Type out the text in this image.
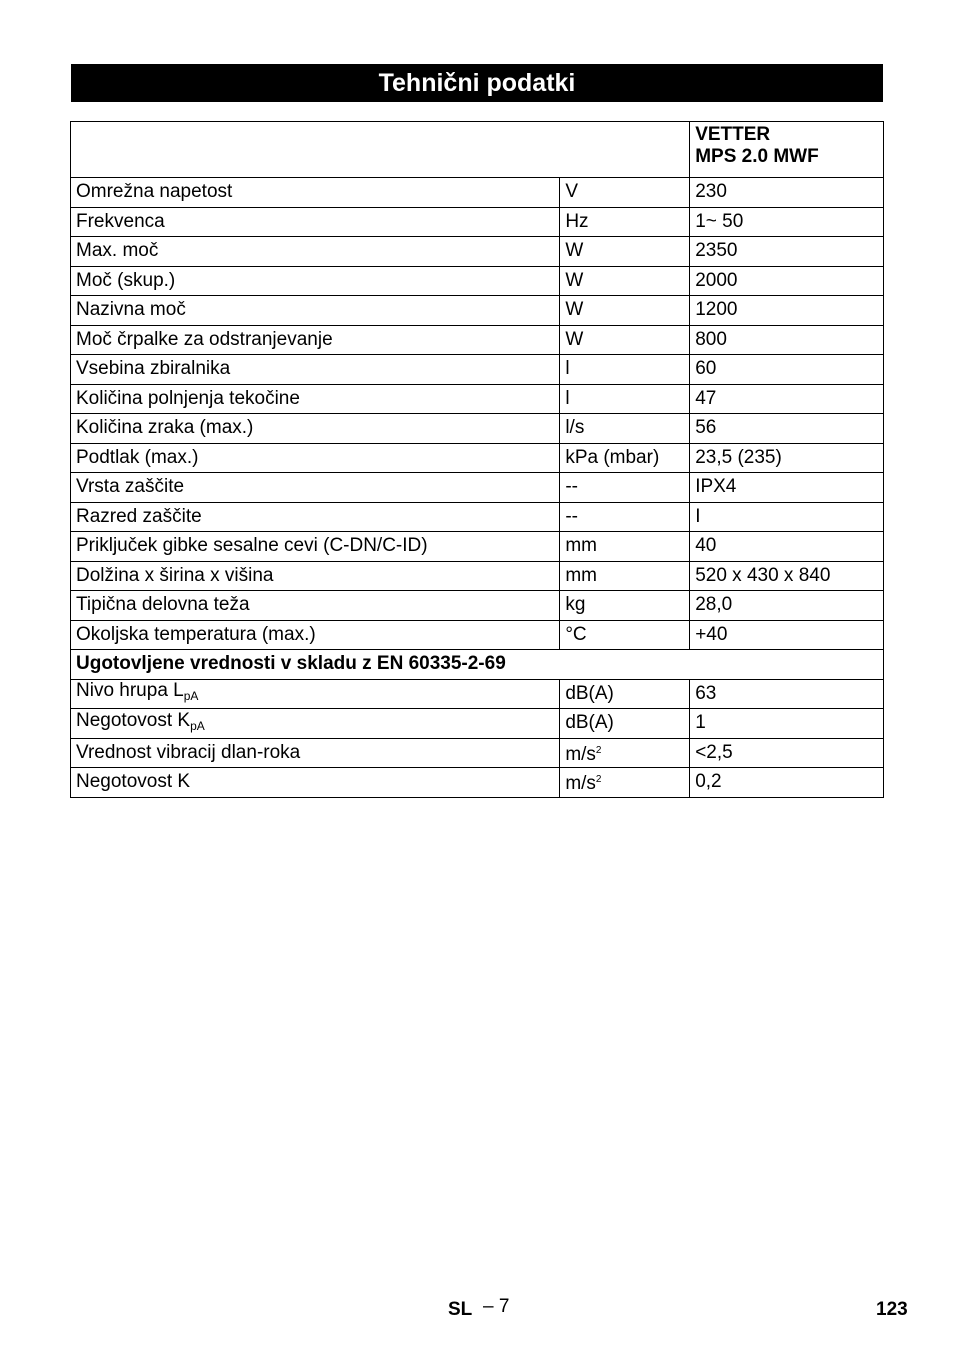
Tehnični podatki
		VETTER
MPS 2.0 MWF
Omrežna napetost	V	230
Frekvenca	Hz	1~ 50
Max. moč	W	2350
Moč (skup.)	W	2000
Nazivna moč	W	1200
Moč črpalke za odstranjevanje	W	800
Vsebina zbiralnika	l	60
Količina polnjenja tekočine	l	47
Količina zraka (max.)	l/s	56
Podtlak (max.)	kPa (mbar)	23,5 (235)
Vrsta zaščite	--	IPX4
Razred zaščite	--	I
Priključek gibke sesalne cevi (C-DN/C-ID)	mm	40
Dolžina x širina x višina	mm	520 x 430 x 840
Tipična delovna teža	kg	28,0
Okoljska temperatura (max.)	°C	+40
Ugotovljene vrednosti v skladu z EN 60335-2-69		
Nivo hrupa $L_{pA}$	dB(A)	63
Negotovost $K_{pA}$	dB(A)	1
Vrednost vibracij dlan-roka	$m/s^2$	<2,5
Negotovost K	$m/s^2$	0,2
SL – 7	123
